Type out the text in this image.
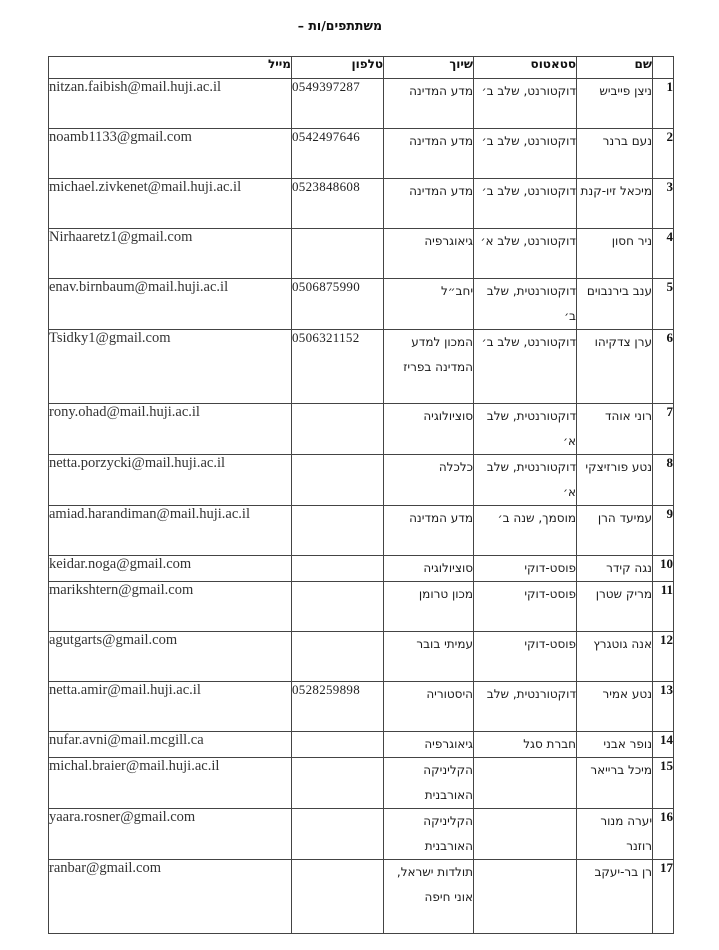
משתתפים/ות –
מייל	טלפון	שיוך	סטאטוס	שם	
nitzan.faibish@mail.huji.ac.il	0549397287	מדע המדינה	דוקטורנט, שלב ב׳	ניצן פייביש	1
noamb1133@gmail.com	0542497646	מדע המדינה	דוקטורנט, שלב ב׳	נעם ברנר	2
michael.zivkenet@mail.huji.ac.il	0523848608	מדע המדינה	דוקטורנט, שלב ב׳	מיכאל זיו-קנת	3
Nirhaaretz1@gmail.com		גיאוגרפיה	דוקטורנט, שלב א׳	ניר חסון	4
enav.birnbaum@mail.huji.ac.il	0506875990	יחב״ל	דוקטורנטית, שלב ב׳	ענב בירנבוים	5
Tsidky1@gmail.com	0506321152	המכון למדע המדינה בפריז	דוקטורנט, שלב ב׳	ערן צדקיהו	6
rony.ohad@mail.huji.ac.il		סוציולוגיה	דוקטורנטית, שלב א׳	רוני אוהד	7
netta.porzycki@mail.huji.ac.il		כלכלה	דוקטורנטית, שלב א׳	נטע פורזיצקי	8
amiad.harandiman@mail.huji.ac.il		מדע המדינה	מוסמך, שנה ב׳	עמיעד הרן	9
keidar.noga@gmail.com		סוציולוגיה	פוסט-דוקי	נגה קידר	10
marikshtern@gmail.com		מכון טרומן	פוסט-דוקי	מריק שטרן	11
agutgarts@gmail.com		עמיתי בובר	פוסט-דוקי	אנה גוטגרץ	12
netta.amir@mail.huji.ac.il	0528259898	היסטוריה	דוקטורנטית, שלב	נטע אמיר	13
nufar.avni@mail.mcgill.ca		גיאוגרפיה	חברת סגל	נופר אבני	14
michal.braier@mail.huji.ac.il		הקליניקה האורבנית		מיכל ברייאר	15
yaara.rosner@gmail.com		הקליניקה האורבנית		יערה מנור רוזנר	16
ranbar@gmail.com		תולדות ישראל, אוני חיפה		רן בר-יעקב	17
